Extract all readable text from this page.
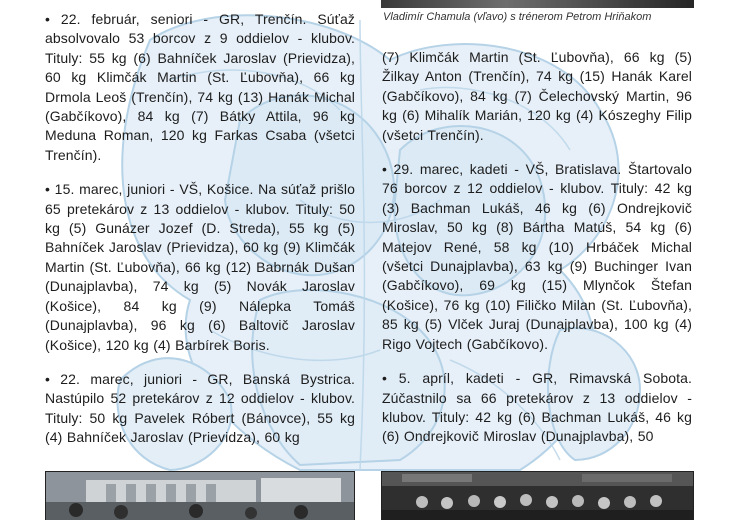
Vladimír Chamula (vľavo) s trénerom Petrom Hriňakom

• 22. február, seniori - GR, Trenčín. Súťaž absolvovalo 53 borcov z 9 oddielov - klubov. Tituly: 55 kg (6) Bahníček Jaroslav (Prievidza), 60 kg Klimčák Martin (St. Ľubovňa), 66 kg Drmola Leoš (Trenčín), 74 kg (13) Hanák Michal (Gabčíkovo), 84 kg (7) Bátky Attila, 96 kg Meduna Roman, 120 kg Farkas Csaba (všetci Trenčín).

• 15. marec, juniori - VŠ, Košice. Na súťaž prišlo 65 pretekárov z 13 oddielov - klubov. Tituly: 50 kg (5) Gunázer Jozef (D. Streda), 55 kg (5) Bahníček Jaroslav (Prievidza), 60 kg (9) Klimčák Martin (St. Ľubovňa), 66 kg (12) Babrnák Dušan (Dunajplavba), 74 kg (5) Novák Jaroslav (Košice), 84 kg (9) Nálepka Tomáš (Dunajplavba), 96 kg (6) Baltovič Jaroslav (Košice), 120 kg (4) Barbírek Boris.

• 22. marec, juniori - GR, Banská Bystrica. Nastúpilo 52 pretekárov z 12 oddielov - klubov. Tituly: 50 kg Pavelek Róbert (Bánovce), 55 kg (4) Bahníček Jaroslav (Prievidza), 60 kg

(7) Klimčák Martin (St. Ľubovňa), 66 kg (5) Žilkay Anton (Trenčín), 74 kg (15) Hanák Karel (Gabčíkovo), 84 kg (7) Čelechovský Martin, 96 kg (6) Mihalík Marián, 120 kg (4) Kószeghy Filip (všetci Trenčín).

• 29. marec, kadeti - VŠ, Bratislava. Štartovalo 76 borcov z 12 oddielov - klubov. Tituly: 42 kg (3) Bachman Lukáš, 46 kg (6) Ondrejkovič Miroslav, 50 kg (8) Bártha Matúš, 54 kg (6) Matejov René, 58 kg (10) Hrbáček Michal (všetci Dunajplavba), 63 kg (9) Buchinger Ivan (Gabčíkovo), 69 kg (15) Mlynčok Štefan (Košice), 76 kg (10) Filičko Milan (St. Ľubovňa), 85 kg (5) Vlček Juraj (Dunajplavba), 100 kg (4) Rigo Vojtech (Gabčíkovo).

• 5. apríl, kadeti - GR, Rimavská Sobota. Zúčastnilo sa 66 pretekárov z 13 oddielov - klubov. Tituly: 42 kg (6) Bachman Lukáš, 46 kg (6) Ondrejkovič Miroslav (Dunajplavba), 50
